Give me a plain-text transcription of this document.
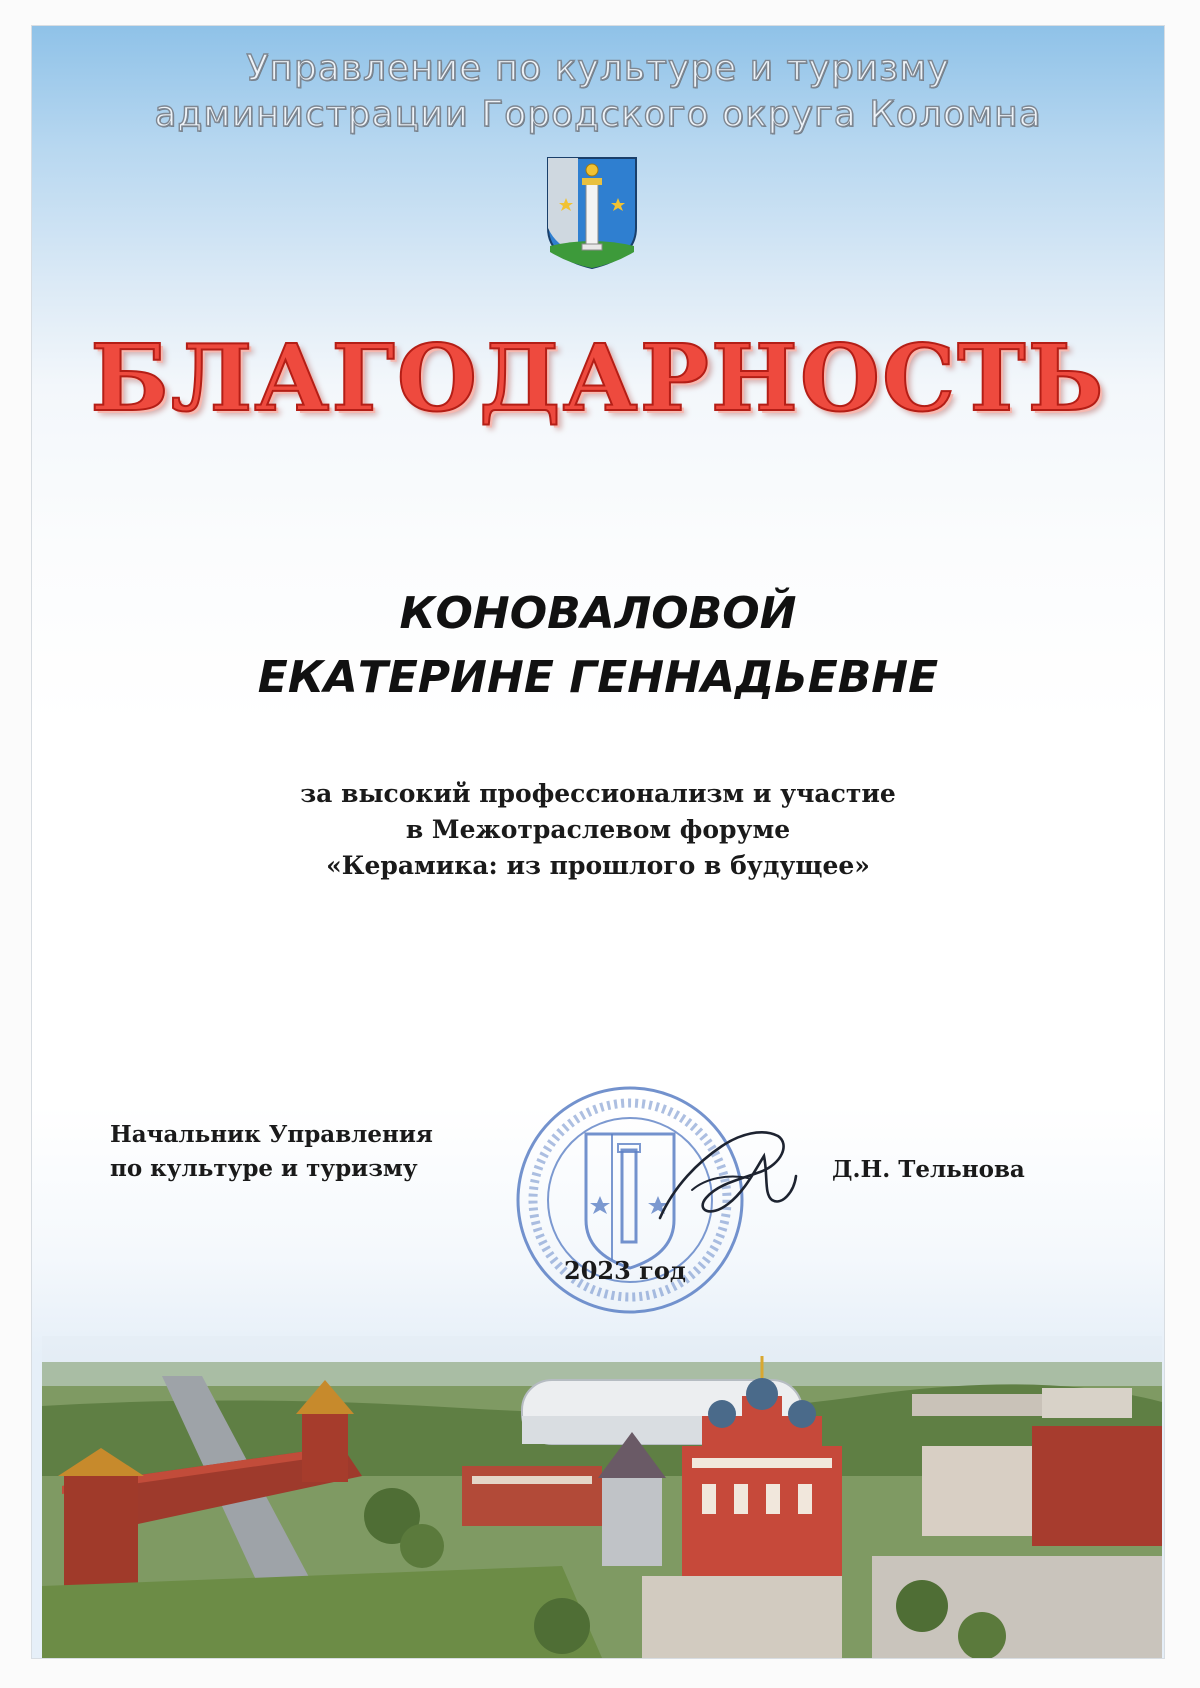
Управление по культуре и туризму
администрации Городского округа Коломна
БЛАГОДАРНОСТЬ
КОНОВАЛОВОЙ
ЕКАТЕРИНЕ ГЕННАДЬЕВНЕ
за высокий профессионализм и участие
в Межотраслевом форуме
«Керамика: из прошлого в будущее»
Начальник Управления
по культуре и туризму	Д.Н. Тельнова
2023 год
